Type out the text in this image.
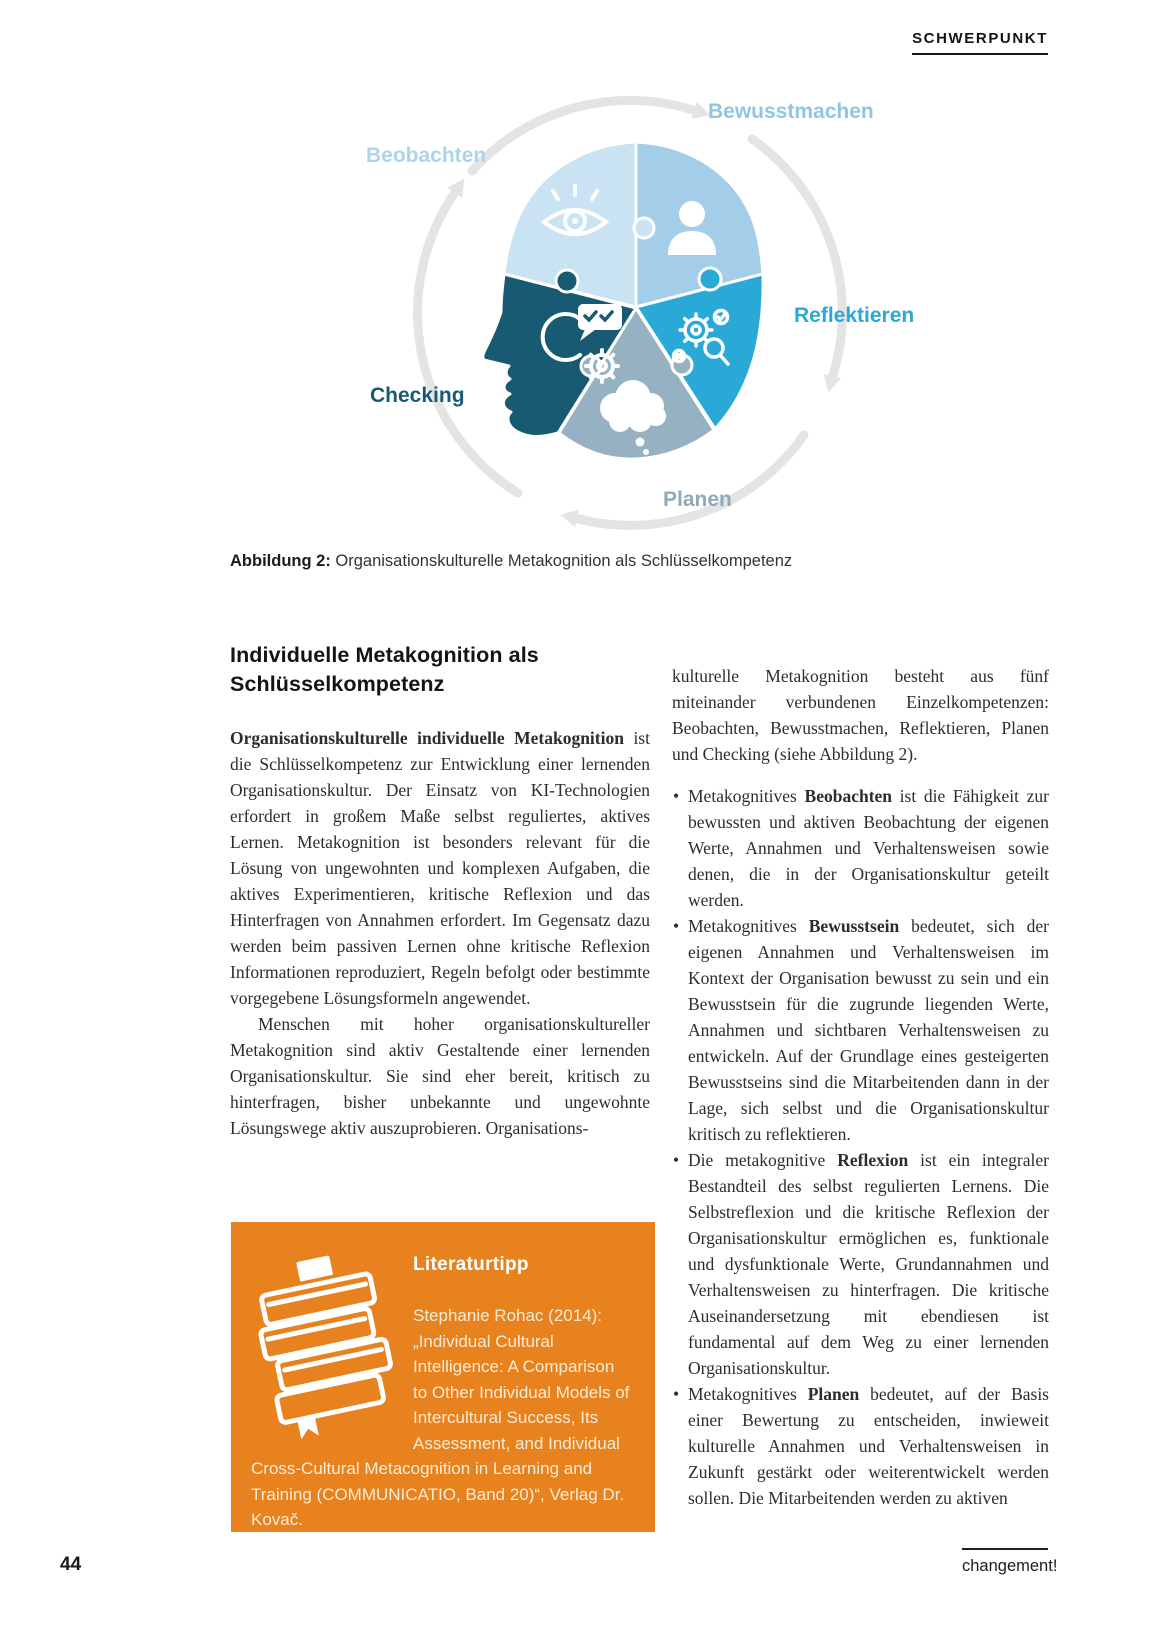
SCHWERPUNKT
Beobachten
Bewusstmachen
Reflektieren
Checking
Planen
Abbildung 2: Organisationskulturelle Metakognition als Schlüsselkompetenz
Individuelle Metakognition als Schlüsselkompetenz

Organisationskulturelle individuelle Metakognition ist die Schlüsselkompetenz zur Entwicklung einer lernenden Organisationskultur. Der Einsatz von KI-Technologien erfordert in großem Maße selbst reguliertes, aktives Lernen. Metakognition ist besonders relevant für die Lösung von ungewohnten und komplexen Aufgaben, die aktives Experimentieren, kritische Reflexion und das Hinterfragen von Annahmen erfordert. Im Gegensatz dazu werden beim passiven Lernen ohne kritische Reflexion Informationen reproduziert, Regeln befolgt oder bestimmte vorgegebene Lösungsformeln angewendet.

Menschen mit hoher organisationskultureller Metakognition sind aktiv Gestaltende einer lernenden Organisationskultur. Sie sind eher bereit, kritisch zu hinterfragen, bisher unbekannte und ungewohnte Lösungswege aktiv auszuprobieren. Organisations-

kulturelle Metakognition besteht aus fünf miteinander verbundenen Einzelkompetenzen: Beobachten, Bewusstmachen, Reflektieren, Planen und Checking (siehe Abbildung 2).

• Metakognitives Beobachten ist die Fähigkeit zur bewussten und aktiven Beobachtung der eigenen Werte, Annahmen und Verhaltensweisen sowie denen, die in der Organisationskultur geteilt werden.
• Metakognitives Bewusstsein bedeutet, sich der eigenen Annahmen und Verhaltensweisen im Kontext der Organisation bewusst zu sein und ein Bewusstsein für die zugrunde liegenden Werte, Annahmen und sichtbaren Verhaltensweisen zu entwickeln. Auf der Grundlage eines gesteigerten Bewusstseins sind die Mitarbeitenden dann in der Lage, sich selbst und die Organisationskultur kritisch zu reflektieren.
• Die metakognitive Reflexion ist ein integraler Bestandteil des selbst regulierten Lernens. Die Selbstreflexion und die kritische Reflexion der Organisationskultur ermöglichen es, funktionale und dysfunktionale Werte, Grundannahmen und Verhaltensweisen zu hinterfragen. Die kritische Auseinandersetzung mit ebendiesen ist fundamental auf dem Weg zu einer lernenden Organisationskultur.
• Metakognitives Planen bedeutet, auf der Basis einer Bewertung zu entscheiden, inwieweit kulturelle Annahmen und Verhaltensweisen in Zukunft gestärkt oder weiterentwickelt werden sollen. Die Mitarbeitenden werden zu aktiven
Literaturtipp

Stephanie Rohac (2014): „Individual Cultural Intelligence: A Comparison to Other Individual Models of Intercultural Success, Its Assessment, and Individual Cross-Cultural Metacognition in Learning and Training (COMMUNICATIO, Band 20)“, Verlag Dr. Kovač.

44	changement!
